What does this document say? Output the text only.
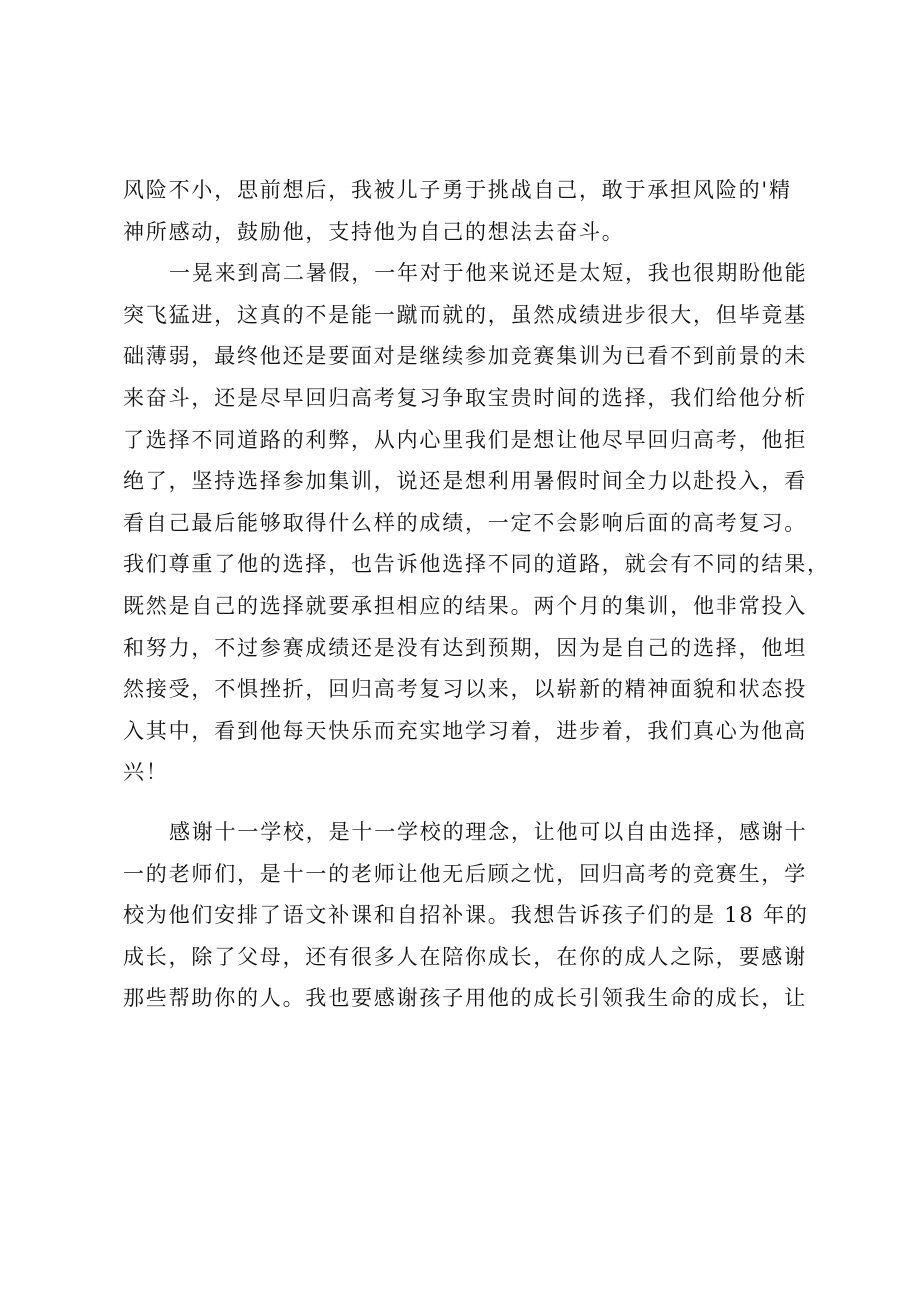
风险不小，思前想后，我被儿子勇于挑战自己，敢于承担风险的'精
神所感动，鼓励他，支持他为自己的想法去奋斗。
一晃来到高二暑假，一年对于他来说还是太短，我也很期盼他能
突飞猛进，这真的不是能一蹴而就的，虽然成绩进步很大，但毕竟基
础薄弱，最终他还是要面对是继续参加竞赛集训为已看不到前景的未
来奋斗，还是尽早回归高考复习争取宝贵时间的选择，我们给他分析
了选择不同道路的利弊，从内心里我们是想让他尽早回归高考，他拒
绝了，坚持选择参加集训，说还是想利用暑假时间全力以赴投入，看
看自己最后能够取得什么样的成绩，一定不会影响后面的高考复习。
我们尊重了他的选择，也告诉他选择不同的道路，就会有不同的结果，
既然是自己的选择就要承担相应的结果。两个月的集训，他非常投入
和努力，不过参赛成绩还是没有达到预期，因为是自己的选择，他坦
然接受，不惧挫折，回归高考复习以来，以崭新的精神面貌和状态投
入其中，看到他每天快乐而充实地学习着，进步着，我们真心为他高
兴！
感谢十一学校，是十一学校的理念，让他可以自由选择，感谢十
一的老师们，是十一的老师让他无后顾之忧，回归高考的竞赛生，学
校为他们安排了语文补课和自招补课。我想告诉孩子们的是 18 年的
成长，除了父母，还有很多人在陪你成长，在你的成人之际，要感谢
那些帮助你的人。我也要感谢孩子用他的成长引领我生命的成长，让
